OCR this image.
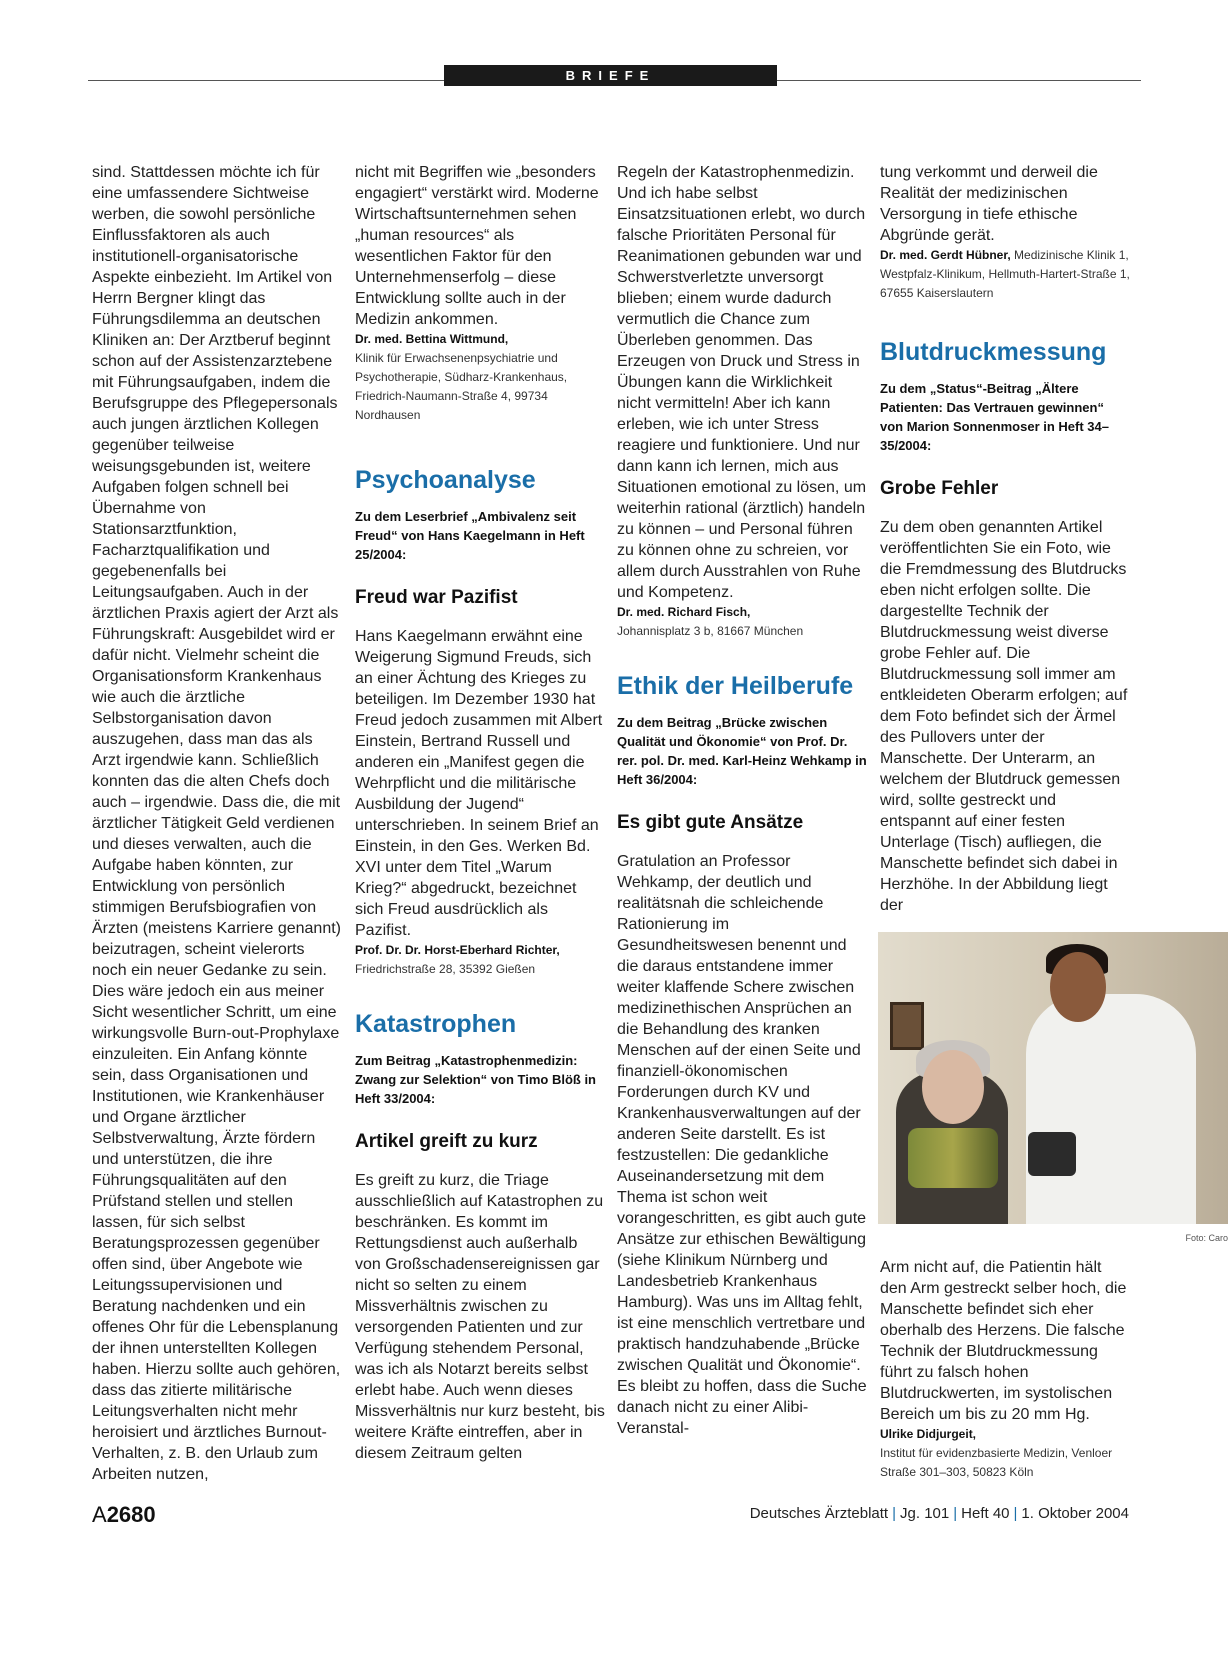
BRIEFE

sind. Stattdessen möchte ich für eine umfassendere Sichtweise werben, die sowohl persönliche Einflussfaktoren als auch institutionell-organisatorische Aspekte einbezieht. Im Artikel von Herrn Bergner klingt das Führungsdilemma an deutschen Kliniken an: Der Arztberuf beginnt schon auf der Assistenzarztebene mit Führungsaufgaben, indem die Berufsgruppe des Pflegepersonals auch jungen ärztlichen Kollegen gegenüber teilweise weisungsgebunden ist, weitere Aufgaben folgen schnell bei Übernahme von Stationsarztfunktion, Facharztqualifikation und gegebenenfalls bei Leitungsaufgaben. Auch in der ärztlichen Praxis agiert der Arzt als Führungskraft: Ausgebildet wird er dafür nicht. Vielmehr scheint die Organisationsform Krankenhaus wie auch die ärztliche Selbstorganisation davon auszugehen, dass man das als Arzt irgendwie kann. Schließlich konnten das die alten Chefs doch auch – irgendwie. Dass die, die mit ärztlicher Tätigkeit Geld verdienen und dieses verwalten, auch die Aufgabe haben könnten, zur Entwicklung von persönlich stimmigen Berufsbiografien von Ärzten (meistens Karriere genannt) beizutragen, scheint vielerorts noch ein neuer Gedanke zu sein. Dies wäre jedoch ein aus meiner Sicht wesentlicher Schritt, um eine wirkungsvolle Burn-out-Prophylaxe einzuleiten. Ein Anfang könnte sein, dass Organisationen und Institutionen, wie Krankenhäuser und Organe ärztlicher Selbstverwaltung, Ärzte fördern und unterstützen, die ihre Führungsqualitäten auf den Prüfstand stellen und stellen lassen, für sich selbst Beratungsprozessen gegenüber offen sind, über Angebote wie Leitungssupervisionen und Beratung nachdenken und ein offenes Ohr für die Lebensplanung der ihnen unterstellten Kollegen haben. Hierzu sollte auch gehören, dass das zitierte militärische Leitungsverhalten nicht mehr heroisiert und ärztliches Burnout-Verhalten, z. B. den Urlaub zum Arbeiten nutzen,

nicht mit Begriffen wie „besonders engagiert“ verstärkt wird. Moderne Wirtschaftsunternehmen sehen „human resources“ als wesentlichen Faktor für den Unternehmenserfolg – diese Entwicklung sollte auch in der Medizin ankommen.

Dr. med. Bettina Wittmund,
Klinik für Erwachsenenpsychiatrie und Psychotherapie, Südharz-Krankenhaus, Friedrich-Naumann-Straße 4, 99734 Nordhausen

Psychoanalyse

Zu dem Leserbrief „Ambivalenz seit Freud“ von Hans Kaegelmann in Heft 25/2004:

Freud war Pazifist

Hans Kaegelmann erwähnt eine Weigerung Sigmund Freuds, sich an einer Ächtung des Krieges zu beteiligen. Im Dezember 1930 hat Freud jedoch zusammen mit Albert Einstein, Bertrand Russell und anderen ein „Manifest gegen die Wehrpflicht und die militärische Ausbildung der Jugend“ unterschrieben. In seinem Brief an Einstein, in den Ges. Werken Bd. XVI unter dem Titel „Warum Krieg?“ abgedruckt, bezeichnet sich Freud ausdrücklich als Pazifist.

Prof. Dr. Dr. Horst-Eberhard Richter,
Friedrichstraße 28, 35392 Gießen

Katastrophen

Zum Beitrag „Katastrophenmedizin: Zwang zur Selektion“ von Timo Blöß in Heft 33/2004:

Artikel greift zu kurz

Es greift zu kurz, die Triage ausschließlich auf Katastrophen zu beschränken. Es kommt im Rettungsdienst auch außerhalb von Großschadensereignissen gar nicht so selten zu einem Missverhältnis zwischen zu versorgenden Patienten und zur Verfügung stehendem Personal, was ich als Notarzt bereits selbst erlebt habe. Auch wenn dieses Missverhältnis nur kurz besteht, bis weitere Kräfte eintreffen, aber in diesem Zeitraum gelten

Regeln der Katastrophenmedizin. Und ich habe selbst Einsatzsituationen erlebt, wo durch falsche Prioritäten Personal für Reanimationen gebunden war und Schwerstverletzte unversorgt blieben; einem wurde dadurch vermutlich die Chance zum Überleben genommen. Das Erzeugen von Druck und Stress in Übungen kann die Wirklichkeit nicht vermitteln! Aber ich kann erleben, wie ich unter Stress reagiere und funktioniere. Und nur dann kann ich lernen, mich aus Situationen emotional zu lösen, um weiterhin rational (ärztlich) handeln zu können – und Personal führen zu können ohne zu schreien, vor allem durch Ausstrahlen von Ruhe und Kompetenz.

Dr. med. Richard Fisch,
Johannisplatz 3 b, 81667 München

Ethik der Heilberufe

Zu dem Beitrag „Brücke zwischen Qualität und Ökonomie“ von Prof. Dr. rer. pol. Dr. med. Karl-Heinz Wehkamp in Heft 36/2004:

Es gibt gute Ansätze

Gratulation an Professor Wehkamp, der deutlich und realitätsnah die schleichende Rationierung im Gesundheitswesen benennt und die daraus entstandene immer weiter klaffende Schere zwischen medizinethischen Ansprüchen an die Behandlung des kranken Menschen auf der einen Seite und finanziell-ökonomischen Forderungen durch KV und Krankenhausverwaltungen auf der anderen Seite darstellt. Es ist festzustellen: Die gedankliche Auseinandersetzung mit dem Thema ist schon weit vorangeschritten, es gibt auch gute Ansätze zur ethischen Bewältigung (siehe Klinikum Nürnberg und Landesbetrieb Krankenhaus Hamburg). Was uns im Alltag fehlt, ist eine menschlich vertretbare und praktisch handzuhabende „Brücke zwischen Qualität und Ökonomie“. Es bleibt zu hoffen, dass die Suche danach nicht zu einer Alibi-Veranstal-

tung verkommt und derweil die Realität der medizinischen Versorgung in tiefe ethische Abgründe gerät.

Dr. med. Gerdt Hübner, Medizinische Klinik 1, Westpfalz-Klinikum, Hellmuth-Hartert-Straße 1, 67655 Kaiserslautern

Blutdruckmessung

Zu dem „Status“-Beitrag „Ältere Patienten: Das Vertrauen gewinnen“ von Marion Sonnenmoser in Heft 34–35/2004:

Grobe Fehler

Zu dem oben genannten Artikel veröffentlichten Sie ein Foto, wie die Fremdmessung des Blutdrucks eben nicht erfolgen sollte. Die dargestellte Technik der Blutdruckmessung weist diverse grobe Fehler auf. Die Blutdruckmessung soll immer am entkleideten Oberarm erfolgen; auf dem Foto befindet sich der Ärmel des Pullovers unter der Manschette. Der Unterarm, an welchem der Blutdruck gemessen wird, sollte gestreckt und entspannt auf einer festen Unterlage (Tisch) aufliegen, die Manschette befindet sich dabei in Herzhöhe. In der Abbildung liegt der

Foto: Caro

Arm nicht auf, die Patientin hält den Arm gestreckt selber hoch, die Manschette befindet sich eher oberhalb des Herzens. Die falsche Technik der Blutdruckmessung führt zu falsch hohen Blutdruckwerten, im systolischen Bereich um bis zu 20 mm Hg.

Ulrike Didjurgeit,
Institut für evidenzbasierte Medizin, Venloer Straße 301–303, 50823 Köln

A2680	Deutsches Ärzteblatt | Jg. 101 | Heft 40 | 1. Oktober 2004
